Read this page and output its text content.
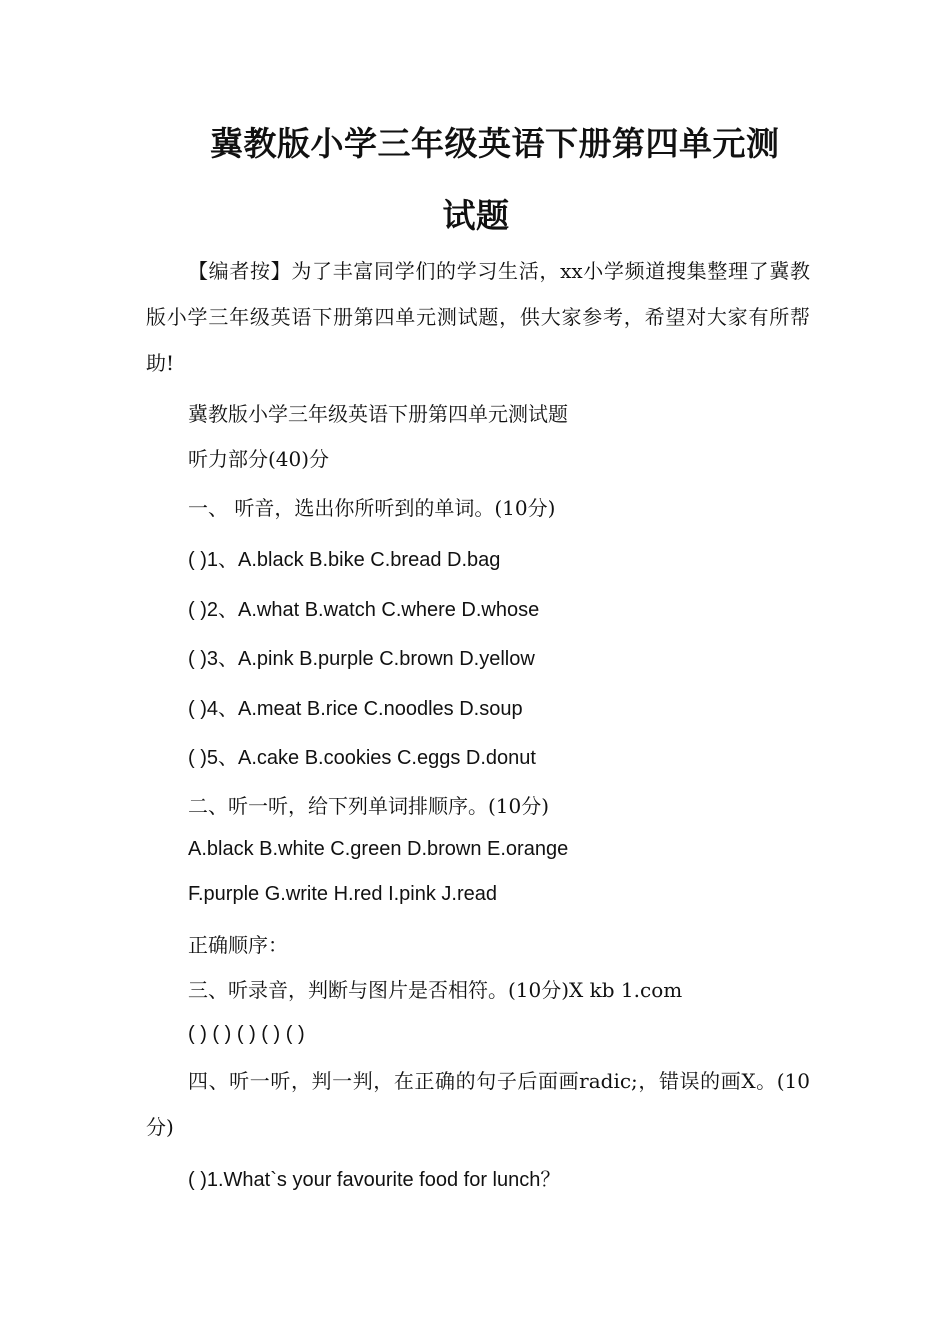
冀教版小学三年级英语下册第四单元测
试题
【编者按】为了丰富同学们的学习生活，xx小学频道搜集整理了冀教版小学三年级英语下册第四单元测试题，供大家参考，希望对大家有所帮助!
冀教版小学三年级英语下册第四单元测试题
听力部分(40)分
一、 听音，选出你所听到的单词。(10分)
( )1、A.black B.bike C.bread D.bag
( )2、A.what B.watch C.where D.whose
( )3、A.pink B.purple C.brown D.yellow
( )4、A.meat B.rice C.noodles D.soup
( )5、A.cake B.cookies C.eggs D.donut
二、听一听，给下列单词排顺序。(10分)
A.black B.white C.green D.brown E.orange
F.purple G.write H.red I.pink J.read
正确顺序：
三、听录音，判断与图片是否相符。(10分)X kb 1.com
( ) ( ) ( ) ( ) ( )
四、听一听，判一判，在正确的句子后面画radic;，错误的画X。(10分)
( )1.What`s your favourite food for lunch？
